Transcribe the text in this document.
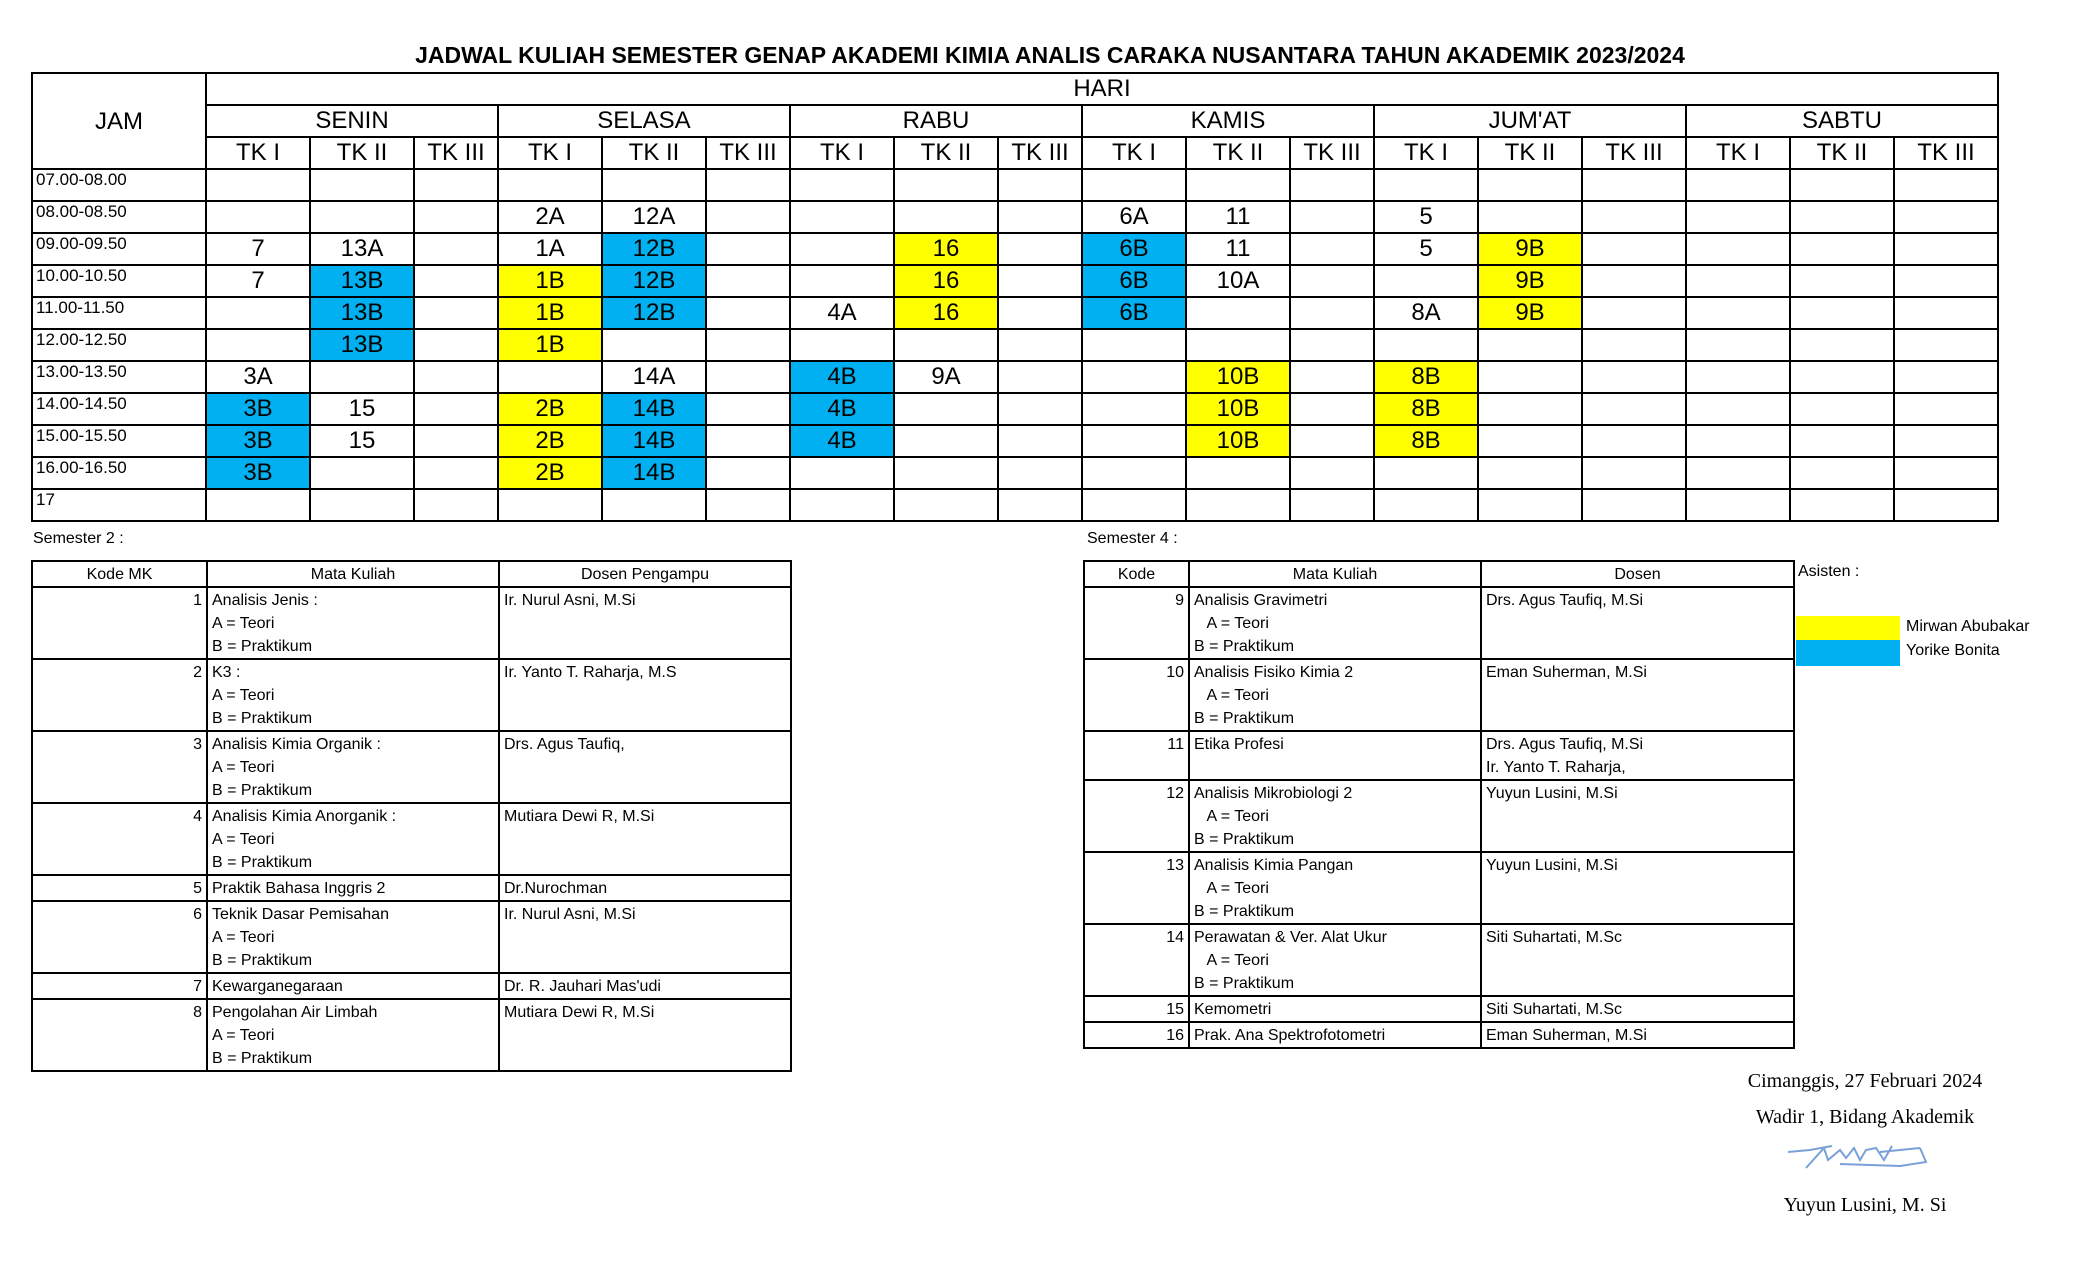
JADWAL KULIAH SEMESTER GENAP AKADEMI KIMIA ANALIS CARAKA NUSANTARA TAHUN AKADEMIK 2023/2024
JAM	HARI																	
	SENIN			SELASA			RABU			KAMIS			JUM'AT			SABTU		
	TK I	TK II	TK III	TK I	TK II	TK III	TK I	TK II	TK III	TK I	TK II	TK III	TK I	TK II	TK III	TK I	TK II	TK III
07.00-08.00																		
08.00-08.50				2A	12A					6A	11		5					
09.00-09.50	7	13A		1A	12B			16		6B	11		5	9B				
10.00-10.50	7	13B		1B	12B			16		6B	10A			9B				
11.00-11.50		13B		1B	12B		4A	16		6B			8A	9B				
12.00-12.50		13B		1B														
13.00-13.50	3A				14A		4B	9A			10B		8B					
14.00-14.50	3B	15		2B	14B		4B				10B		8B					
15.00-15.50	3B	15		2B	14B		4B				10B		8B					
16.00-16.50	3B			2B	14B													
17																		
Semester 2 :
Kode MK	Mata Kuliah	Dosen Pengampu
1	Analisis Jenis :
A = Teori
B = Praktikum	Ir. Nurul Asni, M.Si

2	K3 :
A = Teori
B = Praktikum	Ir. Yanto T. Raharja, M.S

3	Analisis Kimia Organik :
A = Teori
B = Praktikum	Drs. Agus Taufiq,

4	Analisis Kimia Anorganik :
A = Teori
B = Praktikum	Mutiara Dewi R, M.Si

5	Praktik Bahasa Inggris 2	Dr.Nurochman

6	Teknik Dasar Pemisahan
A = Teori
B = Praktikum	Ir. Nurul Asni, M.Si

7	Kewarganegaraan	Dr. R. Jauhari Mas'udi

8	Pengolahan Air Limbah
A = Teori
B = Praktikum	Mutiara Dewi R, M.Si
Semester 4 :
Kode	Mata Kuliah	Dosen
9	Analisis Gravimetri
A = Teori
B = Praktikum	Drs. Agus Taufiq, M.Si

10	Analisis Fisiko Kimia 2
A = Teori
B = Praktikum	Eman Suherman, M.Si

11	Etika Profesi	Drs. Agus Taufiq, M.Si
Ir. Yanto T. Raharja,

12	Analisis Mikrobiologi 2
A = Teori
B = Praktikum	Yuyun Lusini, M.Si

13	Analisis Kimia Pangan
A = Teori
B = Praktikum	Yuyun Lusini, M.Si

14	Perawatan & Ver. Alat Ukur
A = Teori
B = Praktikum	Siti Suhartati, M.Sc

15	Kemometri	Siti Suhartati, M.Sc

16	Prak. Ana Spektrofotometri	Eman Suherman, M.Si
Asisten :
Mirwan Abubakar
Yorike Bonita
Cimanggis, 27 Februari 2024
Wadir 1, Bidang Akademik
Yuyun Lusini, M. Si
